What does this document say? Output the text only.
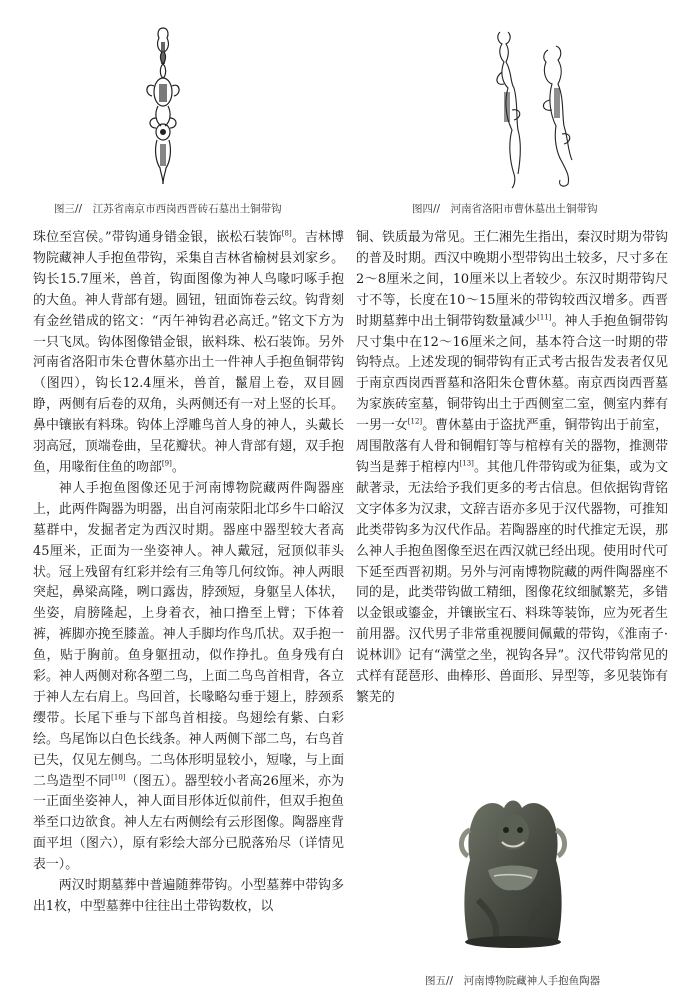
图三//　江苏省南京市西岗西晋砖石墓出土铜带钩	图四//　河南省洛阳市曹休墓出土铜带钩

珠位至宫侯。”带钩通身错金银，嵌松石装饰[8]。吉林博物院藏神人手抱鱼带钩，采集自吉林省榆树县刘家乡。钩长15.7厘米，兽首，钩面图像为神人鸟喙叼啄手抱的大鱼。神人背部有翅。圆钮，钮面饰卷云纹。钩背刻有金丝错成的铭文：“丙午神钩君必高迁。”铭文下方为一只飞凤。钩体图像错金银，嵌料珠、松石装饰。另外河南省洛阳市朱仓曹休墓亦出土一件神人手抱鱼铜带钩（图四），钩长12.4厘米，兽首，鬣眉上卷，双目圆睁，两侧有后卷的双角，头两侧还有一对上竖的长耳。鼻中镶嵌有料珠。钩体上浮雕鸟首人身的神人，头戴长羽高冠，顶端卷曲，呈花瓣状。神人背部有翅，双手抱鱼，用喙衔住鱼的吻部[9]。

神人手抱鱼图像还见于河南博物院藏两件陶器座上，此两件陶器为明器，出自河南荥阳北邙乡牛口峪汉墓群中，发掘者定为西汉时期。器座中器型较大者高45厘米，正面为一坐姿神人。神人戴冠，冠顶似菲头状。冠上残留有红彩并绘有三角等几何纹饰。神人两眼突起，鼻梁高隆，咧口露齿，脖颈短，身躯呈人体状，坐姿，肩膀隆起，上身着衣，袖口撸至上臂；下体着裤，裤脚亦挽至膝盖。神人手脚均作鸟爪状。双手抱一鱼，贴于胸前。鱼身躯扭动，似作挣扎。鱼身残有白彩。神人两侧对称各塑二鸟，上面二鸟鸟首相背，各立于神人左右肩上。鸟回首，长喙略勾垂于翅上，脖颈系缨带。长尾下垂与下部鸟首相接。鸟翅绘有紫、白彩绘。鸟尾饰以白色长线条。神人两侧下部二鸟，右鸟首已失，仅见左侧鸟。二鸟体形明显较小，短喙，与上面二鸟造型不同[10]（图五）。器型较小者高26厘米，亦为一正面坐姿神人，神人面目形体近似前件，但双手抱鱼举至口边欲食。神人左右两侧绘有云形图像。陶器座背面平坦（图六），原有彩绘大部分已脱落殆尽（详情见表一）。

两汉时期墓葬中普遍随葬带钩。小型墓葬中带钩多出1枚，中型墓葬中往往出土带钩数枚，以

铜、铁质最为常见。王仁湘先生指出，秦汉时期为带钩的普及时期。西汉中晚期小型带钩出土较多，尺寸多在2～8厘米之间，10厘米以上者较少。东汉时期带钩尺寸不等，长度在10～15厘米的带钩较西汉增多。西晋时期墓葬中出土铜带钩数量减少[11]。神人手抱鱼铜带钩尺寸集中在12～16厘米之间，基本符合这一时期的带钩特点。上述发现的铜带钩有正式考古报告发表者仅见于南京西岗西晋墓和洛阳朱仓曹休墓。南京西岗西晋墓为家族砖室墓，铜带钩出土于西侧室二室，侧室内葬有一男一女[12]。曹休墓由于盗扰严重，铜带钩出于前室，周围散落有人骨和铜帽钉等与棺椁有关的器物，推测带钩当是葬于棺椁内[13]。其他几件带钩或为征集，或为文献著录，无法给予我们更多的考古信息。但依据钩背铭文字体多为汉隶，文辞吉语亦多见于汉代器物，可推知此类带钩多为汉代作品。若陶器座的时代推定无误，那么神人手抱鱼图像至迟在西汉就已经出现。使用时代可下延至西晋初期。另外与河南博物院藏的两件陶器座不同的是，此类带钩做工精细，图像花纹细腻繁芜，多错以金银或鎏金，并镶嵌宝石、料珠等装饰，应为死者生前用器。汉代男子非常重视腰间佩戴的带钩，《淮南子·说林训》记有“满堂之坐，视钩各异”。汉代带钩常见的式样有琵琶形、曲棒形、兽面形、异型等，多见装饰有繁芜的

图五//　河南博物院藏神人手抱鱼陶器
